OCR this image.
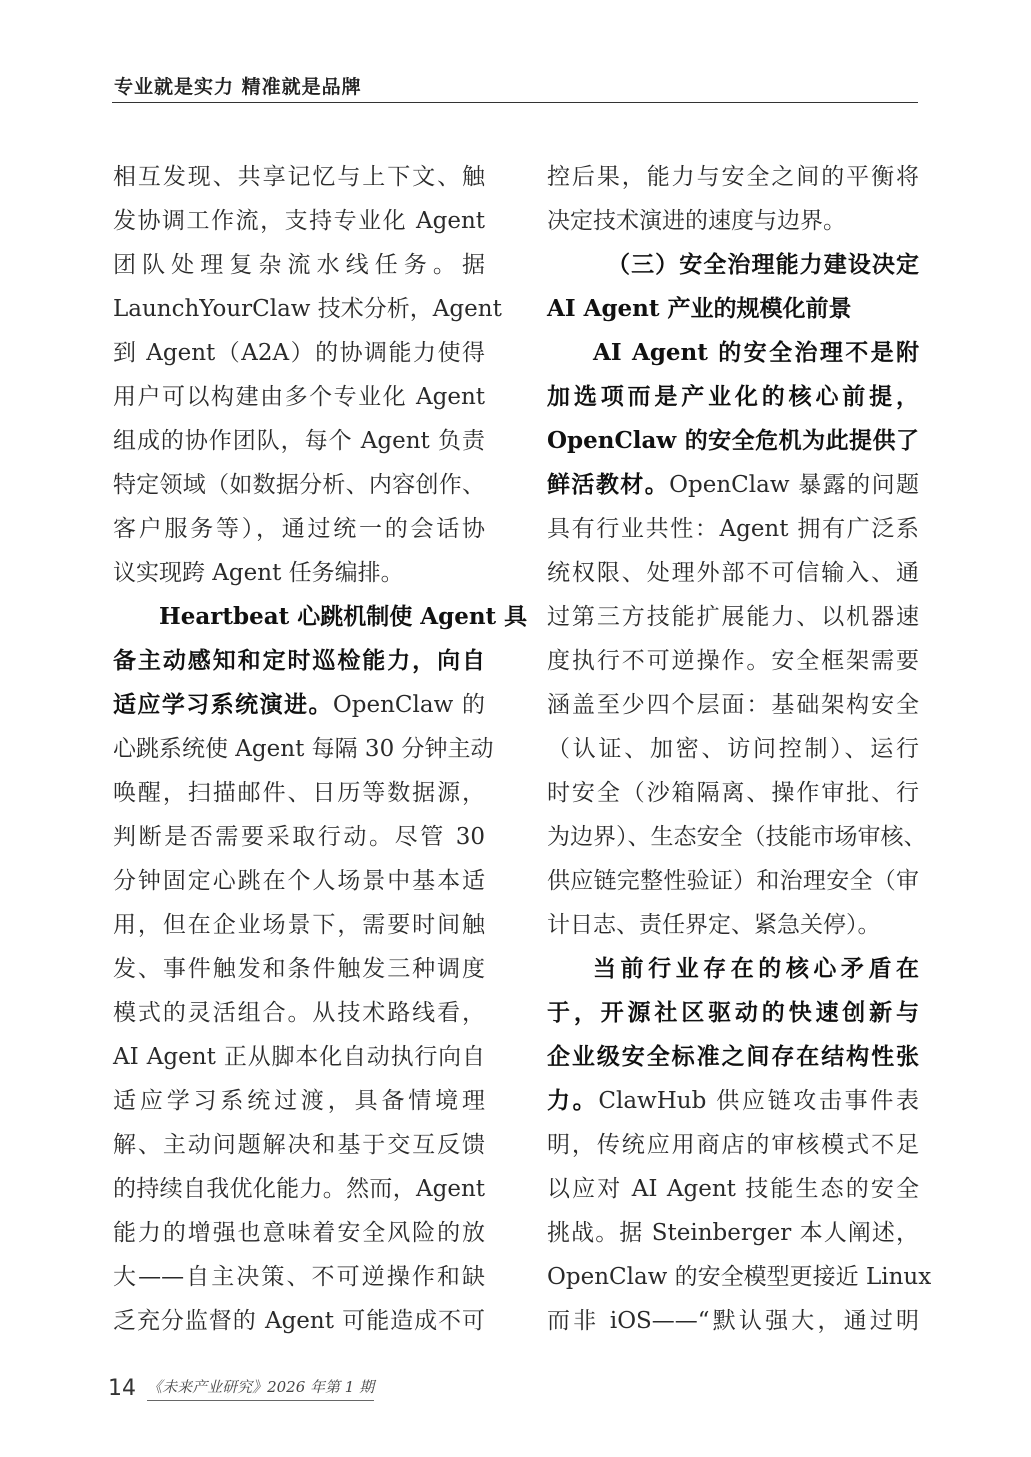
专业就是实力 精准就是品牌
相互发现、共享记忆与上下文、触
发协调工作流，支持专业化 Agent
团队处理复杂流水线任务。据
LaunchYourClaw 技术分析，Agent
到 Agent（A2A）的协调能力使得
用户可以构建由多个专业化 Agent
组成的协作团队，每个 Agent 负责
特定领域（如数据分析、内容创作、
客户服务等），通过统一的会话协
议实现跨 Agent 任务编排。
Heartbeat 心跳机制使 Agent 具
备主动感知和定时巡检能力，向自
适应学习系统演进。OpenClaw 的
心跳系统使 Agent 每隔 30 分钟主动
唤醒，扫描邮件、日历等数据源，
判断是否需要采取行动。尽管 30
分钟固定心跳在个人场景中基本适
用，但在企业场景下，需要时间触
发、事件触发和条件触发三种调度
模式的灵活组合。从技术路线看，
AI Agent 正从脚本化自动执行向自
适应学习系统过渡，具备情境理
解、主动问题解决和基于交互反馈
的持续自我优化能力。然而，Agent
能力的增强也意味着安全风险的放
大——自主决策、不可逆操作和缺
乏充分监督的 Agent 可能造成不可
控后果，能力与安全之间的平衡将
决定技术演进的速度与边界。
（三）安全治理能力建设决定
AI Agent 产业的规模化前景
AI Agent 的安全治理不是附
加选项而是产业化的核心前提，
OpenClaw 的安全危机为此提供了
鲜活教材。OpenClaw 暴露的问题
具有行业共性：Agent 拥有广泛系
统权限、处理外部不可信输入、通
过第三方技能扩展能力、以机器速
度执行不可逆操作。安全框架需要
涵盖至少四个层面：基础架构安全
（认证、加密、访问控制）、运行
时安全（沙箱隔离、操作审批、行
为边界）、生态安全（技能市场审核、
供应链完整性验证）和治理安全（审
计日志、责任界定、紧急关停）。
当前行业存在的核心矛盾在
于，开源社区驱动的快速创新与
企业级安全标准之间存在结构性张
力。ClawHub 供应链攻击事件表
明，传统应用商店的审核模式不足
以应对 AI Agent 技能生态的安全
挑战。据 Steinberger 本人阐述，
OpenClaw 的安全模型更接近 Linux
而非 iOS——“默认强大，通过明
14 《未来产业研究》2026 年第 1 期
